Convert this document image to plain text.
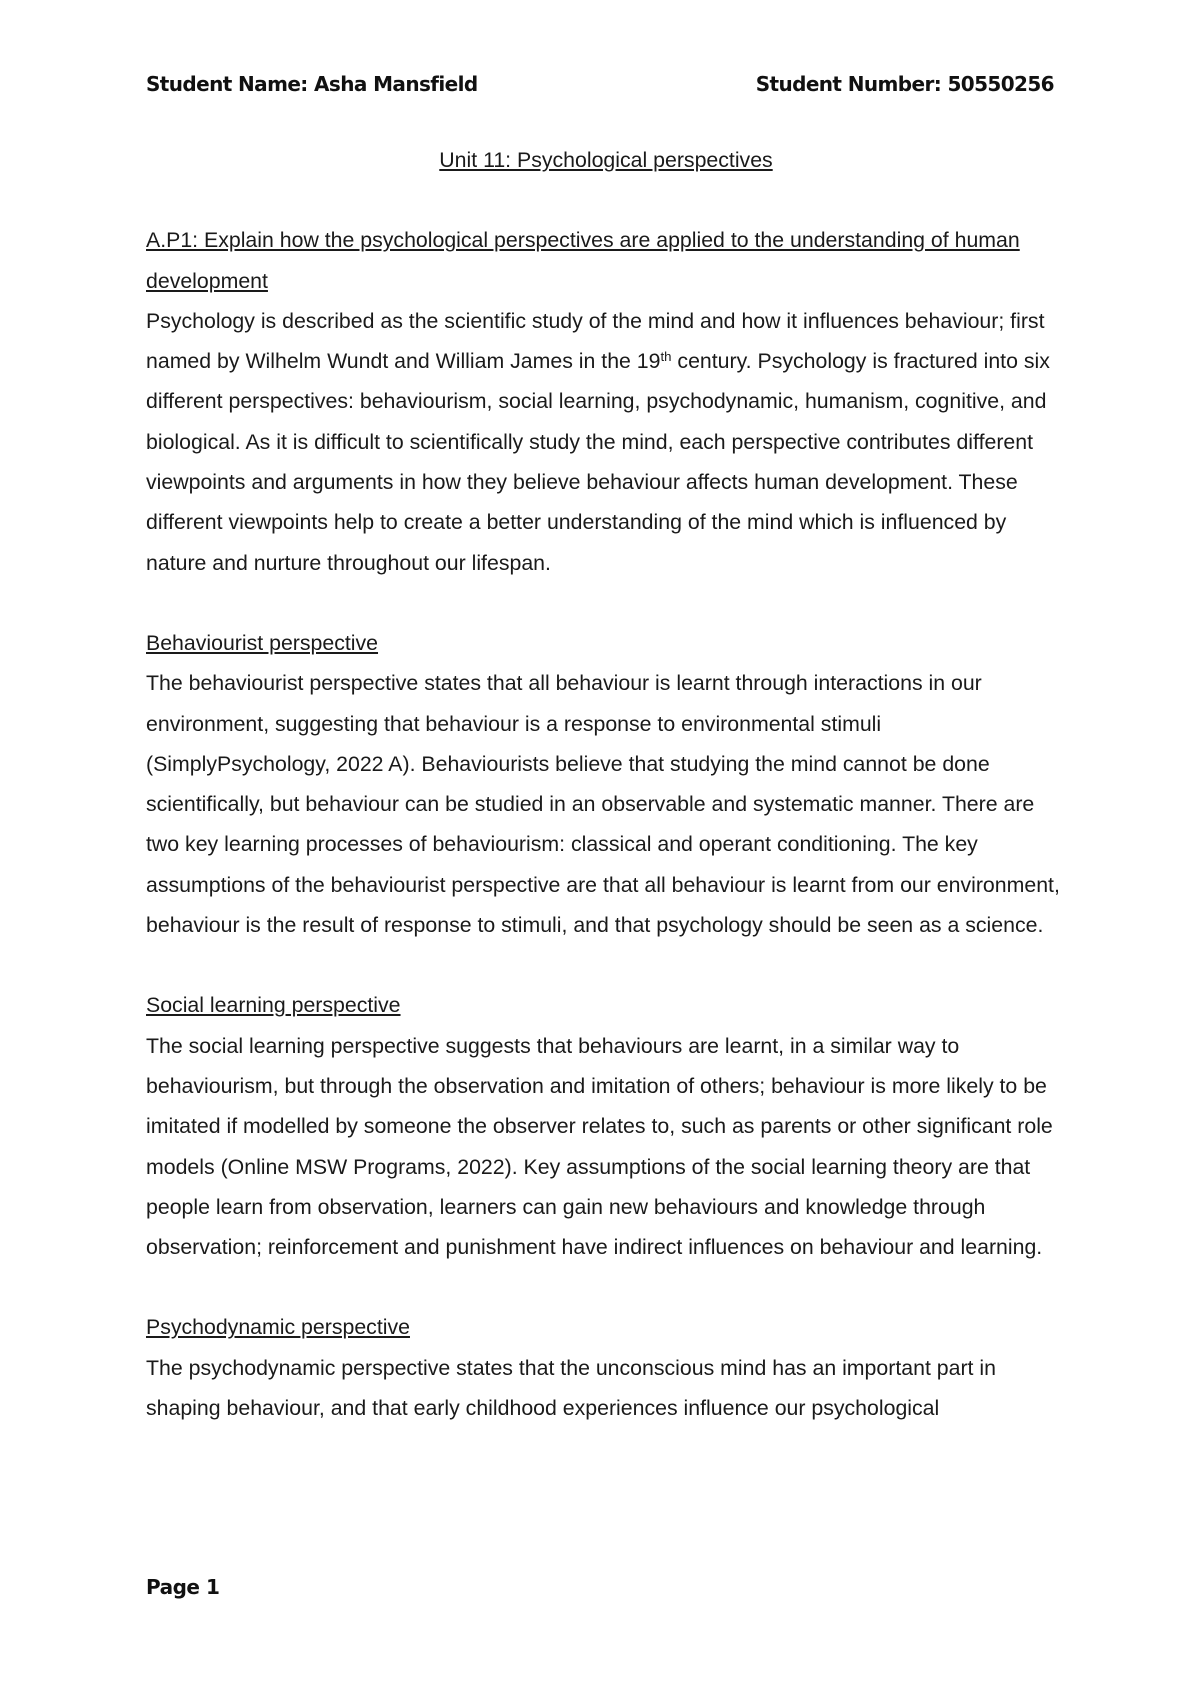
Student Name: Asha Mansfield	Student Number: 50550256

Unit 11: Psychological perspectives

A.P1: Explain how the psychological perspectives are applied to the understanding of human development

Psychology is described as the scientific study of the mind and how it influences behaviour; first named by Wilhelm Wundt and William James in the 19th century. Psychology is fractured into six different perspectives: behaviourism, social learning, psychodynamic, humanism, cognitive, and biological. As it is difficult to scientifically study the mind, each perspective contributes different viewpoints and arguments in how they believe behaviour affects human development. These different viewpoints help to create a better understanding of the mind which is influenced by nature and nurture throughout our lifespan.

Behaviourist perspective

The behaviourist perspective states that all behaviour is learnt through interactions in our environment, suggesting that behaviour is a response to environmental stimuli (SimplyPsychology, 2022 A). Behaviourists believe that studying the mind cannot be done scientifically, but behaviour can be studied in an observable and systematic manner. There are two key learning processes of behaviourism: classical and operant conditioning. The key assumptions of the behaviourist perspective are that all behaviour is learnt from our environment, behaviour is the result of response to stimuli, and that psychology should be seen as a science.

Social learning perspective

The social learning perspective suggests that behaviours are learnt, in a similar way to behaviourism, but through the observation and imitation of others; behaviour is more likely to be imitated if modelled by someone the observer relates to, such as parents or other significant role models (Online MSW Programs, 2022). Key assumptions of the social learning theory are that people learn from observation, learners can gain new behaviours and knowledge through observation; reinforcement and punishment have indirect influences on behaviour and learning.

Psychodynamic perspective

The psychodynamic perspective states that the unconscious mind has an important part in shaping behaviour, and that early childhood experiences influence our psychological

Page 1
